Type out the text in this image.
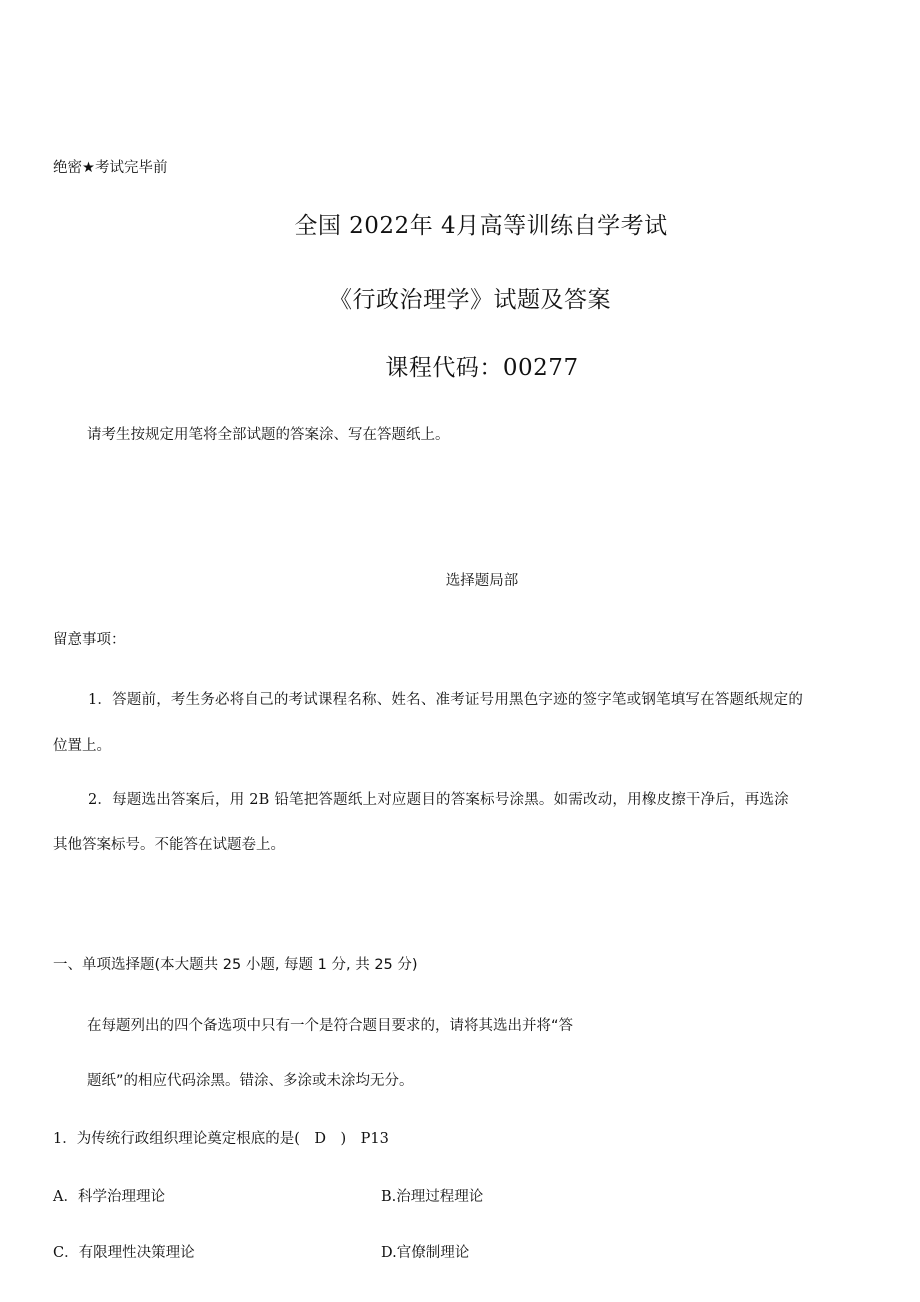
绝密★考试完毕前
全国 2022年 4月高等训练自学考试
《行政治理学》试题及答案
课程代码：00277
请考生按规定用笔将全部试题的答案涂、写在答题纸上。
选择题局部
留意事项：
1．答题前，考生务必将自己的考试课程名称、姓名、准考证号用黑色字迹的签字笔或钢笔填写在答题纸规定的
位置上。
2．每题选出答案后，用 2B 铅笔把答题纸上对应题目的答案标号涂黑。如需改动，用橡皮擦干净后，再选涂
其他答案标号。不能答在试题卷上。
一、单项选择题(本大题共 25 小题, 每题 1 分, 共 25 分)
在每题列出的四个备选项中只有一个是符合题目要求的，请将其选出并将“答
题纸”的相应代码涂黑。错涂、多涂或未涂均无分。
1．为传统行政组织理论奠定根底的是(　D　)　P13
A．科学治理理论	B.治理过程理论
C．有限理性决策理论	D.官僚制理论
